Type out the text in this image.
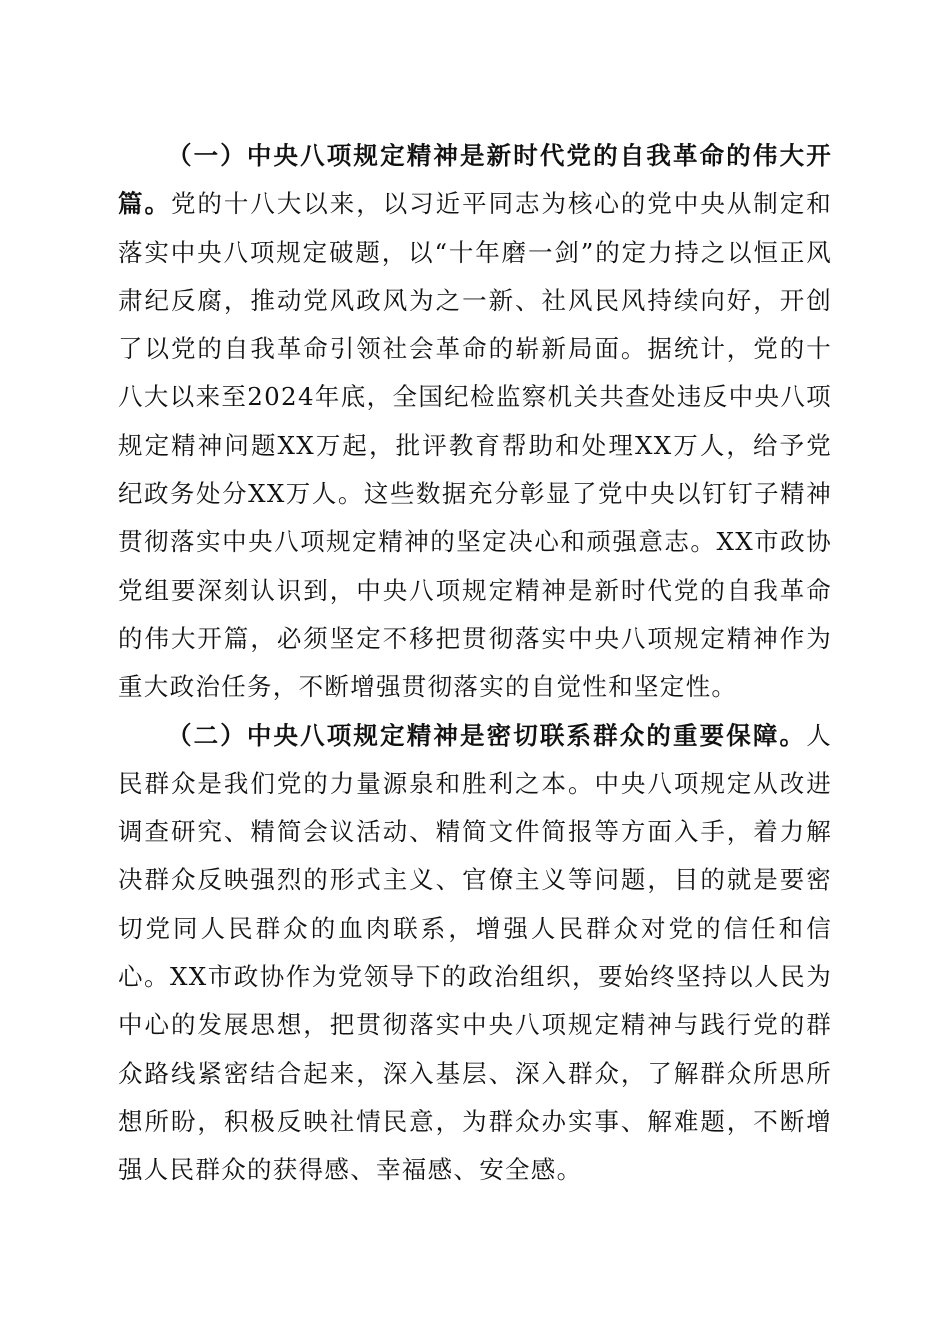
（一）中央八项规定精神是新时代党的自我革命的伟大开篇。党的十八大以来，以习近平同志为核心的党中央从制定和落实中央八项规定破题，以“十年磨一剑”的定力持之以恒正风肃纪反腐，推动党风政风为之一新、社风民风持续向好，开创了以党的自我革命引领社会革命的崭新局面。据统计，党的十八大以来至2024年底，全国纪检监察机关共查处违反中央八项规定精神问题XX万起，批评教育帮助和处理XX万人，给予党纪政务处分XX万人。这些数据充分彰显了党中央以钉钉子精神贯彻落实中央八项规定精神的坚定决心和顽强意志。XX市政协党组要深刻认识到，中央八项规定精神是新时代党的自我革命的伟大开篇，必须坚定不移把贯彻落实中央八项规定精神作为重大政治任务，不断增强贯彻落实的自觉性和坚定性。

（二）中央八项规定精神是密切联系群众的重要保障。人民群众是我们党的力量源泉和胜利之本。中央八项规定从改进调查研究、精简会议活动、精简文件简报等方面入手，着力解决群众反映强烈的形式主义、官僚主义等问题，目的就是要密切党同人民群众的血肉联系，增强人民群众对党的信任和信心。XX市政协作为党领导下的政治组织，要始终坚持以人民为中心的发展思想，把贯彻落实中央八项规定精神与践行党的群众路线紧密结合起来，深入基层、深入群众，了解群众所思所想所盼，积极反映社情民意，为群众办实事、解难题，不断增强人民群众的获得感、幸福感、安全感。
